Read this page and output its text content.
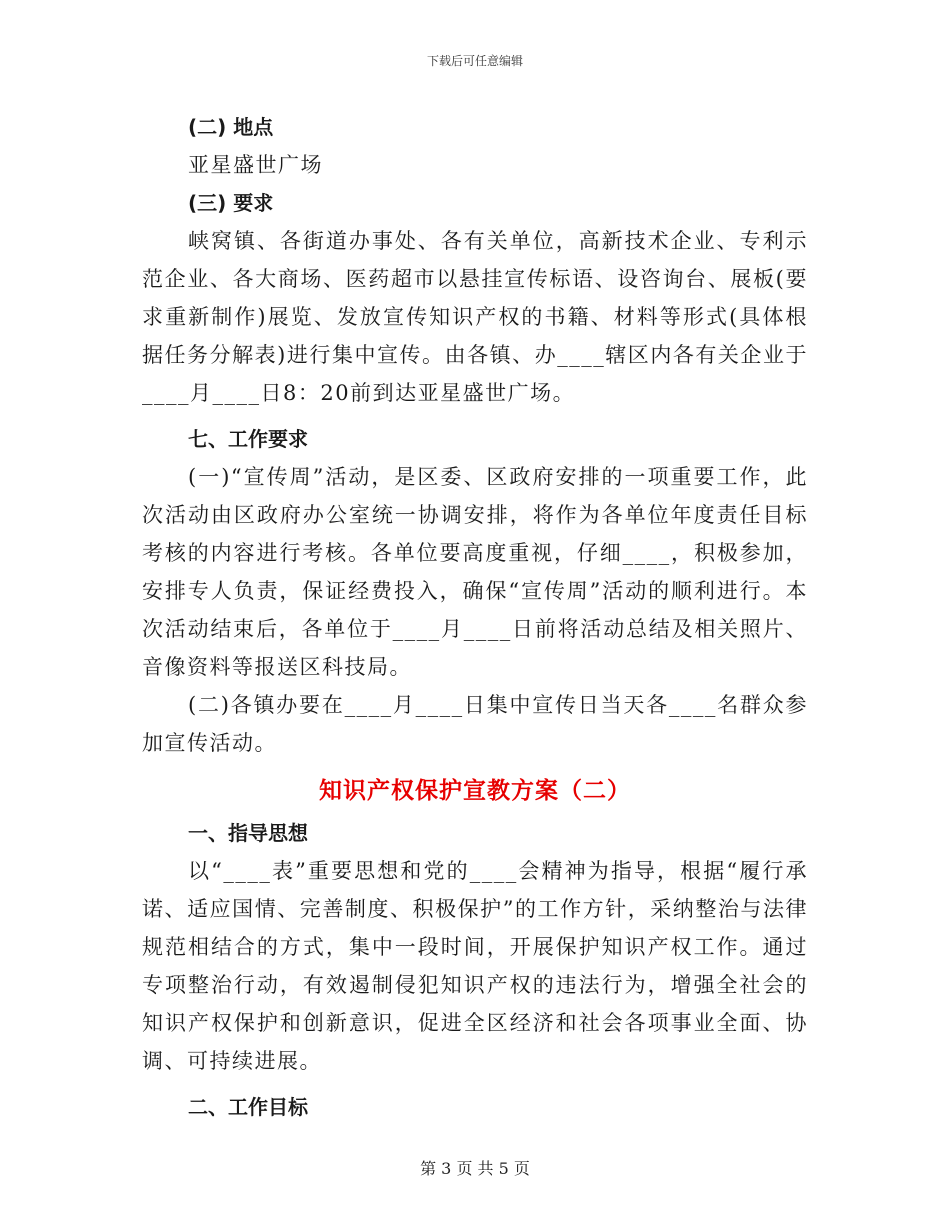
下载后可任意编辑

(二) 地点

亚星盛世广场

(三) 要求

峡窝镇、各街道办事处、各有关单位，高新技术企业、专利示范企业、各大商场、医药超市以悬挂宣传标语、设咨询台、展板(要求重新制作)展览、发放宣传知识产权的书籍、材料等形式(具体根据任务分解表)进行集中宣传。由各镇、办____辖区内各有关企业于____月____日8：20前到达亚星盛世广场。

七、工作要求

(一)“宣传周”活动，是区委、区政府安排的一项重要工作，此次活动由区政府办公室统一协调安排，将作为各单位年度责任目标考核的内容进行考核。各单位要高度重视，仔细____，积极参加，安排专人负责，保证经费投入，确保“宣传周”活动的顺利进行。本次活动结束后，各单位于____月____日前将活动总结及相关照片、音像资料等报送区科技局。

(二)各镇办要在____月____日集中宣传日当天各____名群众参加宣传活动。

知识产权保护宣教方案（二）

一、指导思想

以“____表”重要思想和党的____会精神为指导，根据“履行承诺、适应国情、完善制度、积极保护”的工作方针，采纳整治与法律规范相结合的方式，集中一段时间，开展保护知识产权工作。通过专项整治行动，有效遏制侵犯知识产权的违法行为，增强全社会的知识产权保护和创新意识，促进全区经济和社会各项事业全面、协调、可持续进展。

二、工作目标

第 3 页 共 5 页
